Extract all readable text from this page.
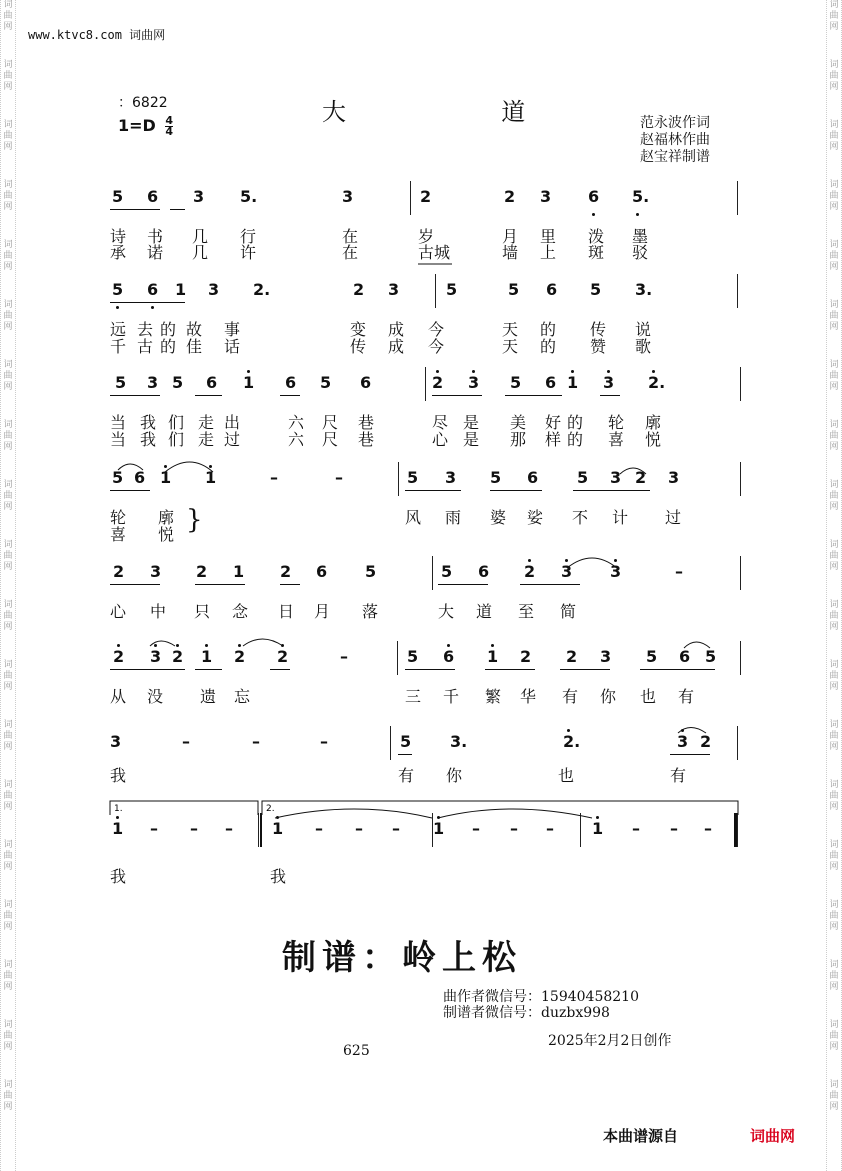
词
曲
网
词
曲
网
词
曲
网
词
曲
网
词
曲
网
词
曲
网
词
曲
网
词
曲
网
词
曲
网
词
曲
网
词
曲
网
词
曲
网
词
曲
网
词
曲
网
词
曲
网
词
曲
网
词
曲
网
词
曲
网
词
曲
网
词
曲
网
词
曲
网
词
曲
网
词
曲
网
词
曲
网
词
曲
网
词
曲
网
词
曲
网
词
曲
网
词
曲
网
词
曲
网
词
曲
网
词
曲
网
词
曲
网
词
曲
网
词
曲
网
词
曲
网
词
曲
网
词
曲
网
www.ktvc8.com 词曲网
：6822
$1=D \frac{4}{4}$
大	道	范永波作词
赵福林作曲
赵宝祥制谱
5 6 3 5.	3	2	2 3 6 5.
诗 书 几 行	在	岁	月 里 泼 墨
承 诺 几 许	在	古城	墙 上 斑 驳
5 6 1 3 2.	2 3	5	5 6 5 3.
远 去 的 故 事	变 成 今	天 的 传 说
千 古 的 佳 话	传 成 今	天 的 赞 歌
5 3 5 6 1 6 5 6	2 3 5 6 1 3 2.
当 我 们 走 出	六 尺 巷	尽 是 美 好 的 轮 廓
当 我 们 走 过	六 尺 巷	心 是 那 样 的 喜 悦
5 6 1 1	–	–	5 3 5 6 5 3 2 3
轮 廓	风 雨 婆 娑 不 计 过
喜 悦 }
2 3 2 1 2 6 5	5 6 2 3 3	–
心 中 只 念 日 月 落	大 道 至 简
2 3 2 1 2 2	–	5 6 1 2 2 3 5 6 5
从 没 遗 忘	三 千 繁 华 有 你 也 有
3	–	–	–	5 3.	2.	3 2
我	有 你	也	有
1 – – – 1 – – – 1 – – – 1 – – –
我	我
1.	2.
制谱：岭上松
曲作者微信号：15940458210
制谱者微信号：duzbx998
625
2025年2月2日创作
本曲谱源自	词曲网
